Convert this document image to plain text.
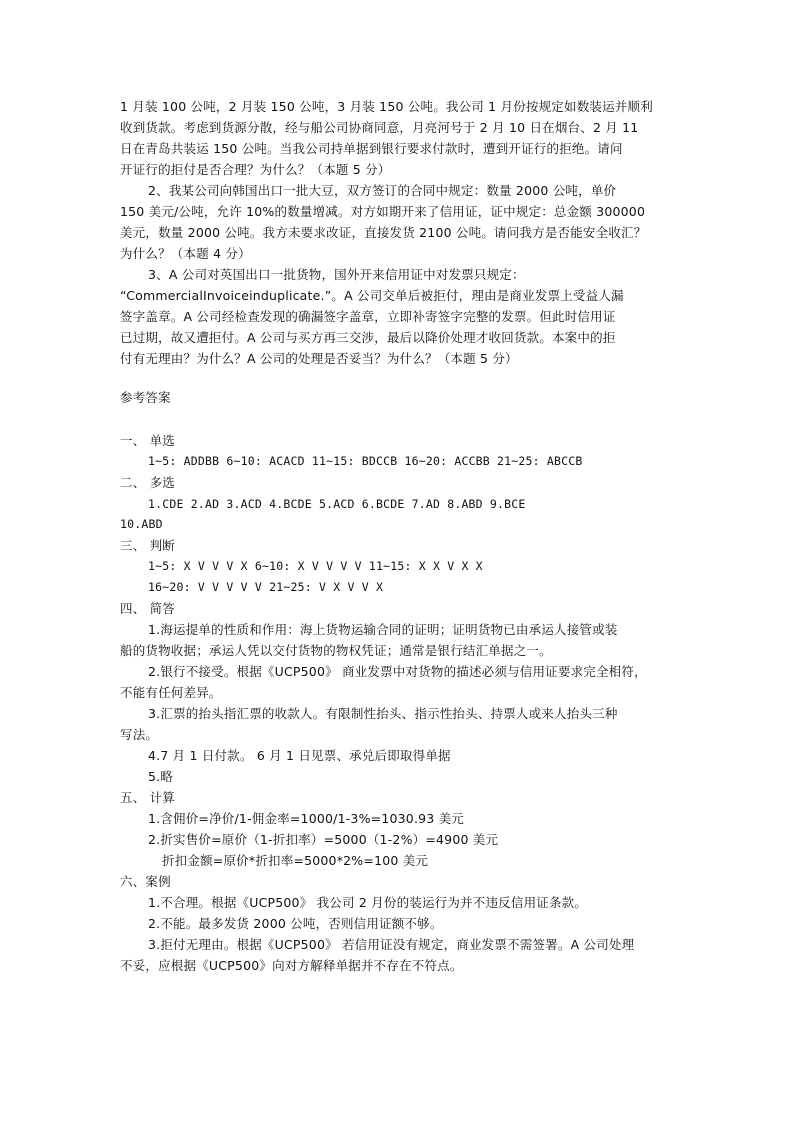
1 月装 100 公吨，2 月装 150 公吨，3 月装 150 公吨。我公司 1 月份按规定如数装运并顺利
收到货款。考虑到货源分散，经与船公司协商同意，月亮河号于 2 月 10 日在烟台、2 月 11
日在青岛共装运 150 公吨。当我公司持单据到银行要求付款时，遭到开证行的拒绝。请问
开证行的拒付是否合理？为什么？（本题 5 分）
2、我某公司向韩国出口一批大豆，双方签订的合同中规定：数量 2000 公吨，单价
150 美元/公吨，允许 10%的数量增减。对方如期开来了信用证，证中规定：总金额 300000
美元，数量 2000 公吨。我方未要求改证，直接发货 2100 公吨。请问我方是否能安全收汇？
为什么？（本题 4 分）
3、A 公司对英国出口一批货物，国外开来信用证中对发票只规定：
“CommercialInvoiceinduplicate.”。A 公司交单后被拒付，理由是商业发票上受益人漏
签字盖章。A 公司经检查发现的确漏签字盖章，立即补寄签字完整的发票。但此时信用证
已过期，故又遭拒付。A 公司与买方再三交涉，最后以降价处理才收回货款。本案中的拒
付有无理由？为什么？A 公司的处理是否妥当？为什么？（本题 5 分）
参考答案
一、 单选
1~5: ADDBB 6~10: ACACD 11~15: BDCCB 16~20: ACCBB 21~25: ABCCB
二、 多选
1.CDE 2.AD 3.ACD 4.BCDE 5.ACD 6.BCDE 7.AD 8.ABD 9.BCE
10.ABD
三、 判断
1~5: X V V V X 6~10: X V V V V 11~15: X X V X X
16~20: V V V V V 21~25: V X V V X
四、 简答
1.海运提单的性质和作用：海上货物运输合同的证明；证明货物已由承运人接管或装
船的货物收据；承运人凭以交付货物的物权凭证；通常是银行结汇单据之一。
2.银行不接受。根据《UCP500》 商业发票中对货物的描述必须与信用证要求完全相符，
不能有任何差异。
3.汇票的抬头指汇票的收款人。有限制性抬头、指示性抬头、持票人或来人抬头三种
写法。
4.7 月 1 日付款。 6 月 1 日见票、承兑后即取得单据
5.略
五、 计算
1.含佣价=净价/1-佣金率=1000/1-3%=1030.93 美元
2.折实售价=原价（1-折扣率）=5000（1-2%）=4900 美元
折扣金额=原价*折扣率=5000*2%=100 美元
六、案例
1.不合理。根据《UCP500》 我公司 2 月份的装运行为并不违反信用证条款。
2.不能。最多发货 2000 公吨，否则信用证额不够。
3.拒付无理由。根据《UCP500》 若信用证没有规定，商业发票不需签署。A 公司处理
不妥，应根据《UCP500》向对方解释单据并不存在不符点。
